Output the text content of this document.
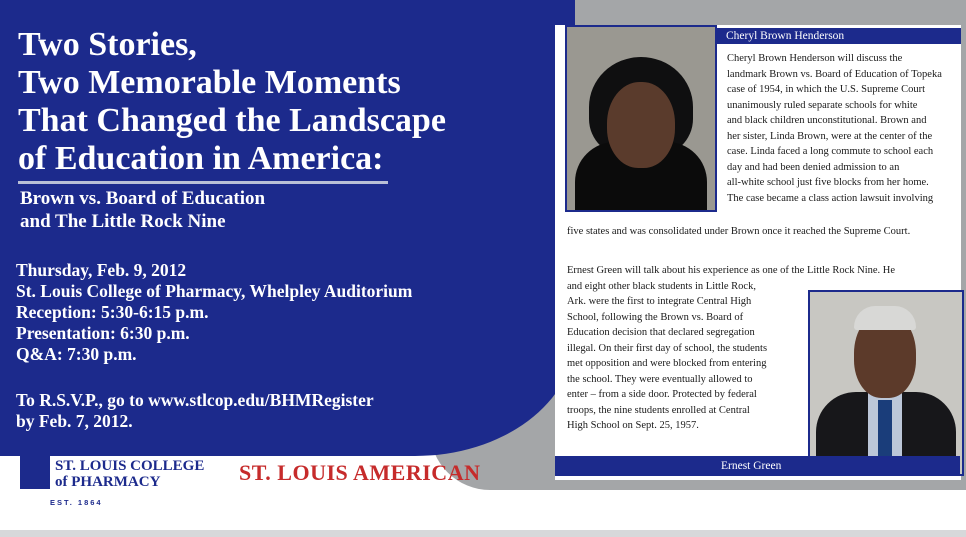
Two Stories,
Two Memorable Moments
That Changed the Landscape
of Education in America:
Brown vs. Board of Education
and The Little Rock Nine
Thursday, Feb. 9, 2012
St. Louis College of Pharmacy, Whelpley Auditorium
Reception: 5:30-6:15 p.m.
Presentation: 6:30 p.m.
Q&A: 7:30 p.m.
To R.S.V.P., go to www.stlcop.edu/BHMRegister
by Feb. 7, 2012.
Cheryl Brown Henderson
Cheryl Brown Henderson will discuss the
landmark Brown vs. Board of Education of Topeka
case of 1954, in which the U.S. Supreme Court
unanimously ruled separate schools for white
and black children unconstitutional. Brown and
her sister, Linda Brown, were at the center of the
case. Linda faced a long commute to school each
day and had been denied admission to an
all-white school just five blocks from her home.
The case became a class action lawsuit involving
five states and was consolidated under Brown once it reached the Supreme Court.
Ernest Green will talk about his experience as one of the Little Rock Nine. He
and eight other black students in Little Rock,
Ark. were the first to integrate Central High
School, following the Brown vs. Board of
Education decision that declared segregation
illegal. On their first day of school, the students
met opposition and were blocked from entering
the school. They were eventually allowed to
enter – from a side door. Protected by federal
troops, the nine students enrolled at Central
High School on Sept. 25, 1957.
Ernest Green
ST. LOUIS COLLEGE
of PHARMACY
EST. 1864
ST. LOUIS AMERICAN
